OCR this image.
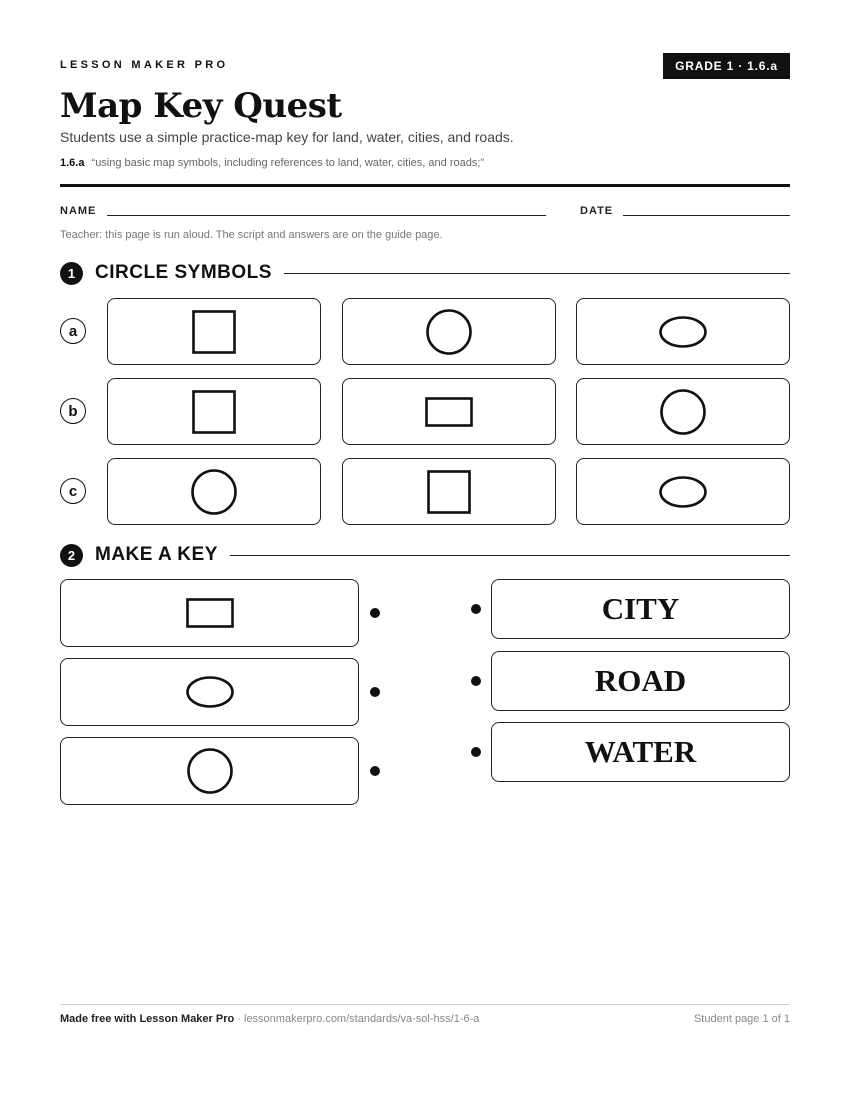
LESSON MAKER PRO	GRADE 1 · 1.6.a
Map Key Quest
Students use a simple practice-map key for land, water, cities, and roads.
1.6.a “using basic map symbols, including references to land, water, cities, and roads;”
NAME	DATE
Teacher: this page is run aloud. The script and answers are on the guide page.
1	CIRCLE SYMBOLS
a
b
c
2	MAKE A KEY
CITY
ROAD
WATER
Made free with Lesson Maker Pro · lessonmakerpro.com/standards/va-sol-hss/1-6-a	Student page 1 of 1
